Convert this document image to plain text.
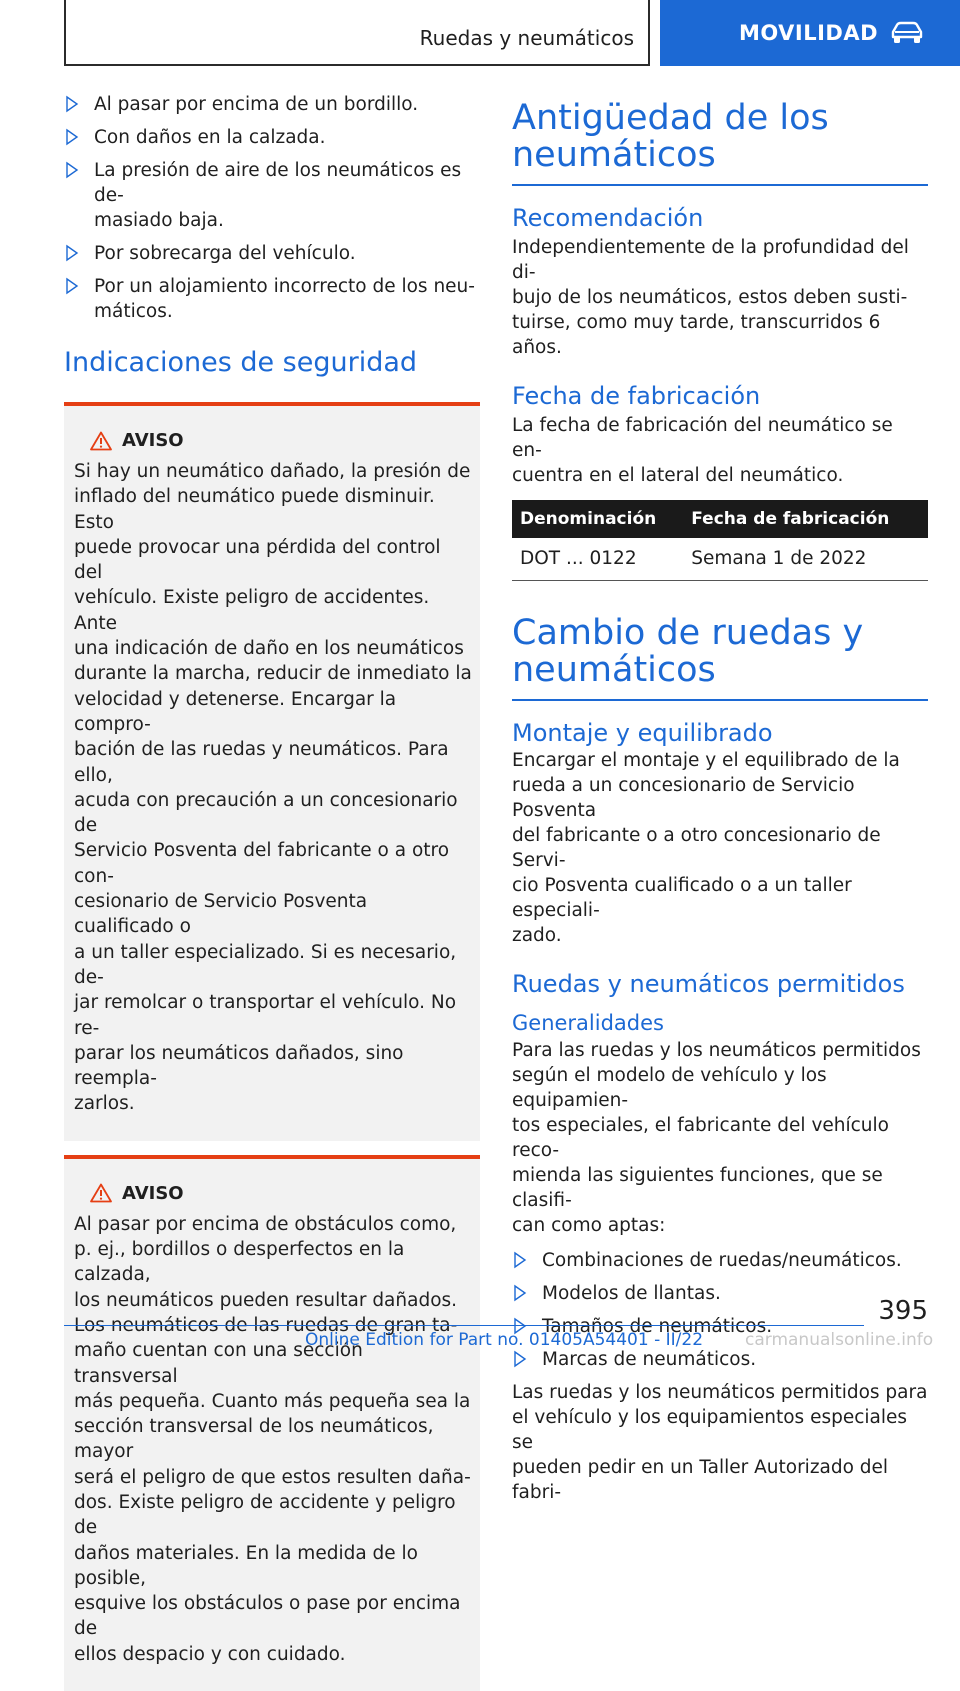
Ruedas y neumáticos	MOVILIDAD
Al pasar por encima de un bordillo.
Con daños en la calzada.
La presión de aire de los neumáticos es de-
masiado baja.
Por sobrecarga del vehículo.
Por un alojamiento incorrecto de los neu-
máticos.
Indicaciones de seguridad
AVISO
Si hay un neumático dañado, la presión de
inflado del neumático puede disminuir. Esto
puede provocar una pérdida del control del
vehículo. Existe peligro de accidentes. Ante
una indicación de daño en los neumáticos
durante la marcha, reducir de inmediato la
velocidad y detenerse. Encargar la compro-
bación de las ruedas y neumáticos. Para ello,
acuda con precaución a un concesionario de
Servicio Posventa del fabricante o a otro con-
cesionario de Servicio Posventa cualificado o
a un taller especializado. Si es necesario, de-
jar remolcar o transportar el vehículo. No re-
parar los neumáticos dañados, sino reempla-
zarlos.
AVISO
Al pasar por encima de obstáculos como,
p. ej., bordillos o desperfectos en la calzada,
los neumáticos pueden resultar dañados.
Los neumáticos de las ruedas de gran ta-
maño cuentan con una sección transversal
más pequeña. Cuanto más pequeña sea la
sección transversal de los neumáticos, mayor
será el peligro de que estos resulten daña-
dos. Existe peligro de accidente y peligro de
daños materiales. En la medida de lo posible,
esquive los obstáculos o pase por encima de
ellos despacio y con cuidado.
Antigüedad de los
neumáticos
Recomendación
Independientemente de la profundidad del di-
bujo de los neumáticos, estos deben susti-
tuirse, como muy tarde, transcurridos 6 años.
Fecha de fabricación
La fecha de fabricación del neumático se en-
cuentra en el lateral del neumático.
Denominación	Fecha de fabricación
DOT ... 0122	Semana 1 de 2022
Cambio de ruedas y
neumáticos
Montaje y equilibrado
Encargar el montaje y el equilibrado de la
rueda a un concesionario de Servicio Posventa
del fabricante o a otro concesionario de Servi-
cio Posventa cualificado o a un taller especiali-
zado.
Ruedas y neumáticos permitidos
Generalidades
Para las ruedas y los neumáticos permitidos
según el modelo de vehículo y los equipamien-
tos especiales, el fabricante del vehículo reco-
mienda las siguientes funciones, que se clasifi-
can como aptas:
Combinaciones de ruedas/neumáticos.
Modelos de llantas.
Tamaños de neumáticos.
Marcas de neumáticos.
Las ruedas y los neumáticos permitidos para
el vehículo y los equipamientos especiales se
pueden pedir en un Taller Autorizado del fabri-
395
Online Edition for Part no. 01405A54401 - II/22 carmanualsonline.info
